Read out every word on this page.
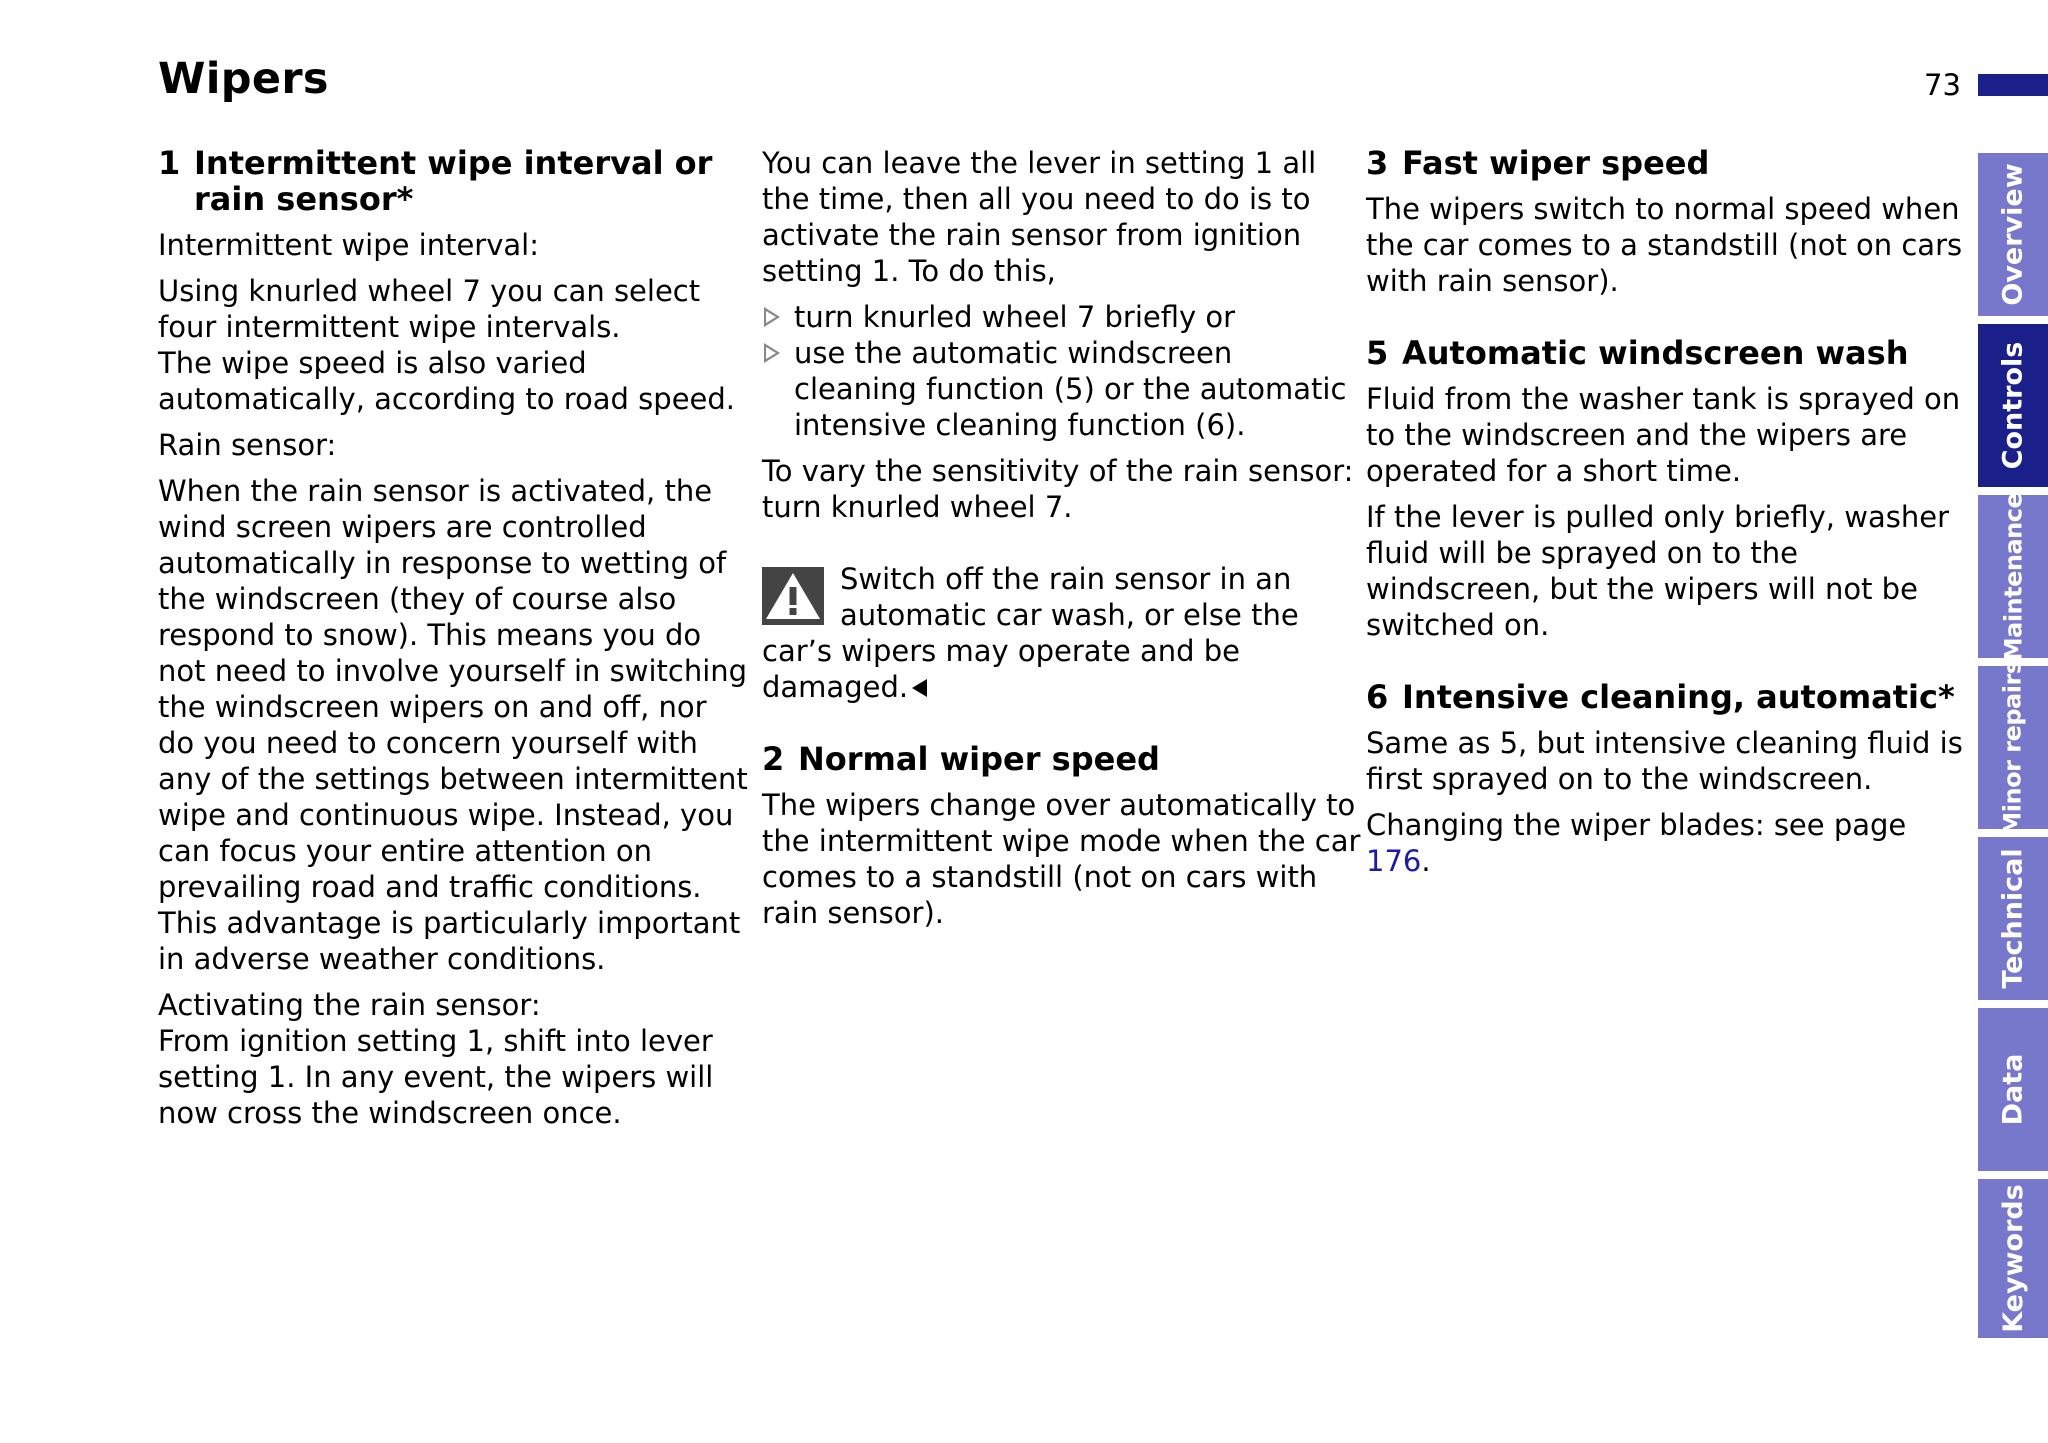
Wipers	73
1 Intermittent wipe interval or rain sensor*

Intermittent wipe interval:

Using knurled wheel 7 you can select four intermittent wipe intervals.

The wipe speed is also varied automatically, according to road speed.

Rain sensor:

When the rain sensor is activated, the wind screen wipers are controlled automatically in response to wetting of the windscreen (they of course also respond to snow). This means you do not need to involve yourself in switching the windscreen wipers on and off, nor do you need to concern yourself with any of the settings between intermittent wipe and continuous wipe. Instead, you can focus your entire attention on prevailing road and traffic conditions. This advantage is particularly important in adverse weather conditions.

Activating the rain sensor:

From ignition setting 1, shift into lever setting 1. In any event, the wipers will now cross the windscreen once.

You can leave the lever in setting 1 all the time, then all you need to do is to activate the rain sensor from ignition setting 1. To do this,

turn knurled wheel 7 briefly or
use the automatic windscreen cleaning function (5) or the automatic intensive cleaning function (6).

To vary the sensitivity of the rain sensor: turn knurled wheel 7.

Switch off the rain sensor in an automatic car wash, or else the car’s wipers may operate and be damaged.
2 Normal wiper speed

The wipers change over automatically to the intermittent wipe mode when the car comes to a standstill (not on cars with rain sensor).

3 Fast wiper speed

The wipers switch to normal speed when the car comes to a standstill (not on cars with rain sensor).

5 Automatic windscreen wash

Fluid from the washer tank is sprayed on to the windscreen and the wipers are operated for a short time.

If the lever is pulled only briefly, washer fluid will be sprayed on to the windscreen, but the wipers will not be switched on.

6 Intensive cleaning, automatic*

Same as 5, but intensive cleaning fluid is first sprayed on to the windscreen.

Changing the wiper blades: see page 176.

Overview
Controls
Maintenance
Minor repairs
Technical
Data
Keywords
